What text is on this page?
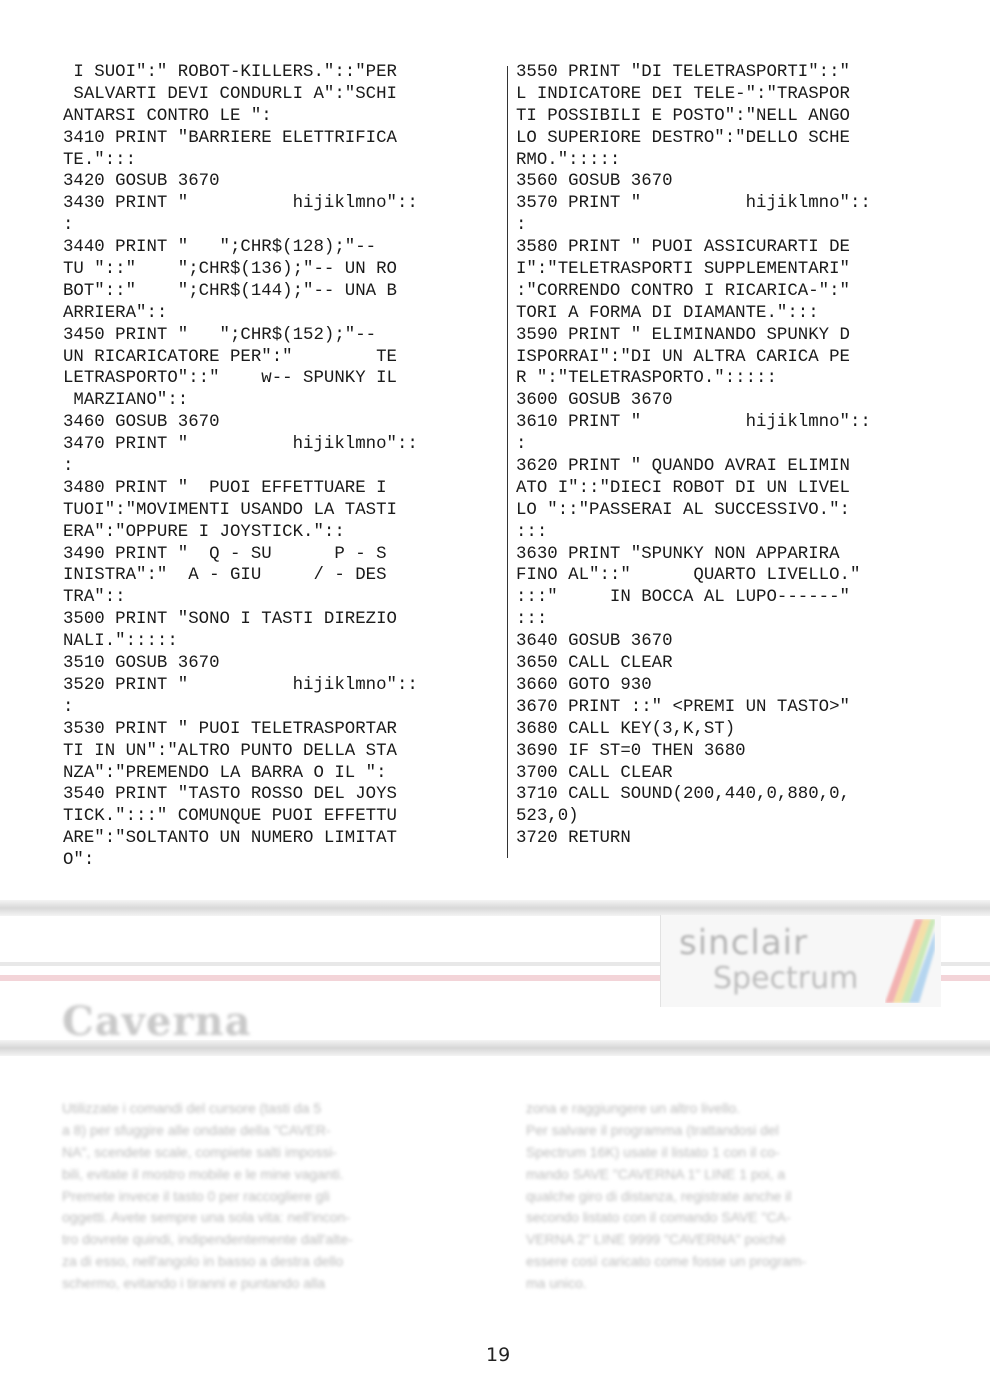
I SUOI":" ROBOT-KILLERS."::"PER
SALVARTI DEVI CONDURLI A":"SCHI
ANTARSI CONTRO LE ":
3410 PRINT "BARRIERE ELETTRIFICA
TE.":::
3420 GOSUB 3670
3430 PRINT "          hijiklmno"::
:
3440 PRINT "   ";CHR$(128);"--
TU "::"    ";CHR$(136);"-- UN RO
BOT"::"    ";CHR$(144);"-- UNA B
ARRIERA"::
3450 PRINT "   ";CHR$(152);"--
UN RICARICATORE PER":"        TE
LETRASPORTO"::"    w-- SPUNKY IL
MARZIANO"::
3460 GOSUB 3670
3470 PRINT "          hijiklmno"::
:
3480 PRINT "  PUOI EFFETTUARE I
TUOI":"MOVIMENTI USANDO LA TASTI
ERA":"OPPURE I JOYSTICK."::
3490 PRINT "  Q - SU      P - S
INISTRA":"  A - GIU     / - DES
TRA"::
3500 PRINT "SONO I TASTI DIREZIO
NALI.":::::
3510 GOSUB 3670
3520 PRINT "          hijiklmno"::
:
3530 PRINT " PUOI TELETRASPORTAR
TI IN UN":"ALTRO PUNTO DELLA STA
NZA":"PREMENDO LA BARRA O IL ":
3540 PRINT "TASTO ROSSO DEL JOYS
TICK.":::" COMUNQUE PUOI EFFETTU
ARE":"SOLTANTO UN NUMERO LIMITAT
O":
3550 PRINT "DI TELETRASPORTI"::"
L INDICATORE DEI TELE-":"TRASPOR
TI POSSIBILI E POSTO":"NELL ANGO
LO SUPERIORE DESTRO":"DELLO SCHE
RMO.":::::
3560 GOSUB 3670
3570 PRINT "          hijiklmno"::
:
3580 PRINT " PUOI ASSICURARTI DE
I":"TELETRASPORTI SUPPLEMENTARI"
:"CORRENDO CONTRO I RICARICA-":"
TORI A FORMA DI DIAMANTE.":::
3590 PRINT " ELIMINANDO SPUNKY D
ISPORRAI":"DI UN ALTRA CARICA PE
R ":"TELETRASPORTO.":::::
3600 GOSUB 3670
3610 PRINT "          hijiklmno"::
:
3620 PRINT " QUANDO AVRAI ELIMIN
ATO I"::"DIECI ROBOT DI UN LIVEL
LO "::"PASSERAI AL SUCCESSIVO.":
:::
3630 PRINT "SPUNKY NON APPARIRA
FINO AL"::"      QUARTO LIVELLO."
:::"     IN BOCCA AL LUPO------"
:::
3640 GOSUB 3670
3650 CALL CLEAR
3660 GOTO 930
3670 PRINT ::" <PREMI UN TASTO>"
3680 CALL KEY(3,K,ST)
3690 IF ST=0 THEN 3680
3700 CALL CLEAR
3710 CALL SOUND(200,440,0,880,0,
523,0)
3720 RETURN
sinclair
Spectrum
Caverna
Utilizzate i comandi del cursore (tasti da 5
a 8) per sfuggire alle ondate della "CAVER-
NA", scendete scale, compiete salti impossi-
bili, evitate il mostro mobile e le mine vaganti.
Premete invece il tasto 0 per raccogliere gli
oggetti. Avete sempre una sola vita: nell'incon-
tro dovrete quindi, indipendentemente dall'alte-
za di esso, nell'angolo in basso a destra dello
schermo, evitando i tiranni e puntando alla
zona e raggiungere un altro livello.
Per salvare il programma (trattandosi del
Spectrum 16K) usate il listato 1 con il co-
mando SAVE "CAVERNA 1" LINE 1 poi, a
qualche giro di distanza, registrate anche il
secondo listato con il comando SAVE "CA-
VERNA 2" LINE 9999 "CAVERNA" poiché
essere così caricato come fosse un program-
ma unico.
19
